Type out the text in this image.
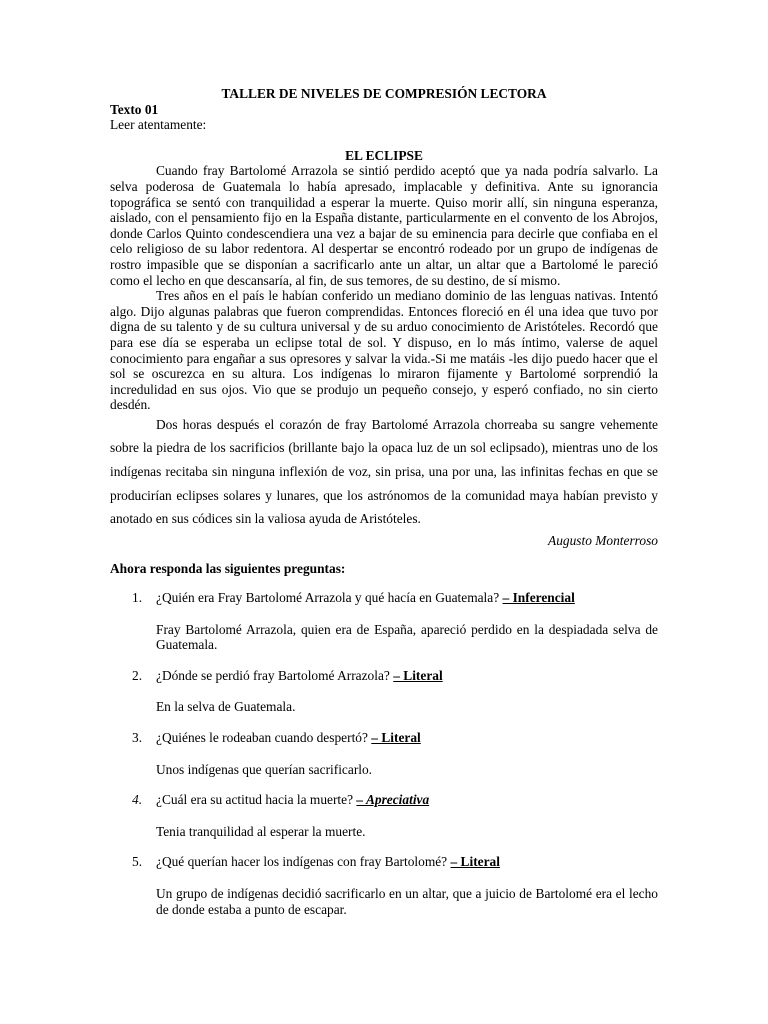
TALLER DE NIVELES DE COMPRESIÓN LECTORA
Texto 01
Leer atentamente:
EL ECLIPSE

Cuando fray Bartolomé Arrazola se sintió perdido aceptó que ya nada podría salvarlo. La selva poderosa de Guatemala lo había apresado, implacable y definitiva. Ante su ignorancia topográfica se sentó con tranquilidad a esperar la muerte. Quiso morir allí, sin ninguna esperanza, aislado, con el pensamiento fijo en la España distante, particularmente en el convento de los Abrojos, donde Carlos Quinto condescendiera una vez a bajar de su eminencia para decirle que confiaba en el celo religioso de su labor redentora. Al despertar se encontró rodeado por un grupo de indígenas de rostro impasible que se disponían a sacrificarlo ante un altar, un altar que a Bartolomé le pareció como el lecho en que descansaría, al fin, de sus temores, de su destino, de sí mismo.

Tres años en el país le habían conferido un mediano dominio de las lenguas nativas. Intentó algo. Dijo algunas palabras que fueron comprendidas. Entonces floreció en él una idea que tuvo por digna de su talento y de su cultura universal y de su arduo conocimiento de Aristóteles. Recordó que para ese día se esperaba un eclipse total de sol. Y dispuso, en lo más íntimo, valerse de aquel conocimiento para engañar a sus opresores y salvar la vida.-Si me matáis -les dijo puedo hacer que el sol se oscurezca en su altura. Los indígenas lo miraron fijamente y Bartolomé sorprendió la incredulidad en sus ojos. Vio que se produjo un pequeño consejo, y esperó confiado, no sin cierto desdén.

Dos horas después el corazón de fray Bartolomé Arrazola chorreaba su sangre vehemente sobre la piedra de los sacrificios (brillante bajo la opaca luz de un sol eclipsado), mientras uno de los indígenas recitaba sin ninguna inflexión de voz, sin prisa, una por una, las infinitas fechas en que se producirían eclipses solares y lunares, que los astrónomos de la comunidad maya habían previsto y anotado en sus códices sin la valiosa ayuda de Aristóteles.

Augusto Monterroso
Ahora responda las siguientes preguntas:
1. ¿Quién era Fray Bartolomé Arrazola y qué hacía en Guatemala? – Inferencial
Fray Bartolomé Arrazola, quien era de España, apareció perdido en la despiadada selva de Guatemala.
2. ¿Dónde se perdió fray Bartolomé Arrazola? – Literal
En la selva de Guatemala.
3. ¿Quiénes le rodeaban cuando despertó? – Literal
Unos indígenas que querían sacrificarlo.
4. ¿Cuál era su actitud hacia la muerte? – Apreciativa
Tenia tranquilidad al esperar la muerte.
5. ¿Qué querían hacer los indígenas con fray Bartolomé? – Literal
Un grupo de indígenas decidió sacrificarlo en un altar, que a juicio de Bartolomé era el lecho de donde estaba a punto de escapar.
